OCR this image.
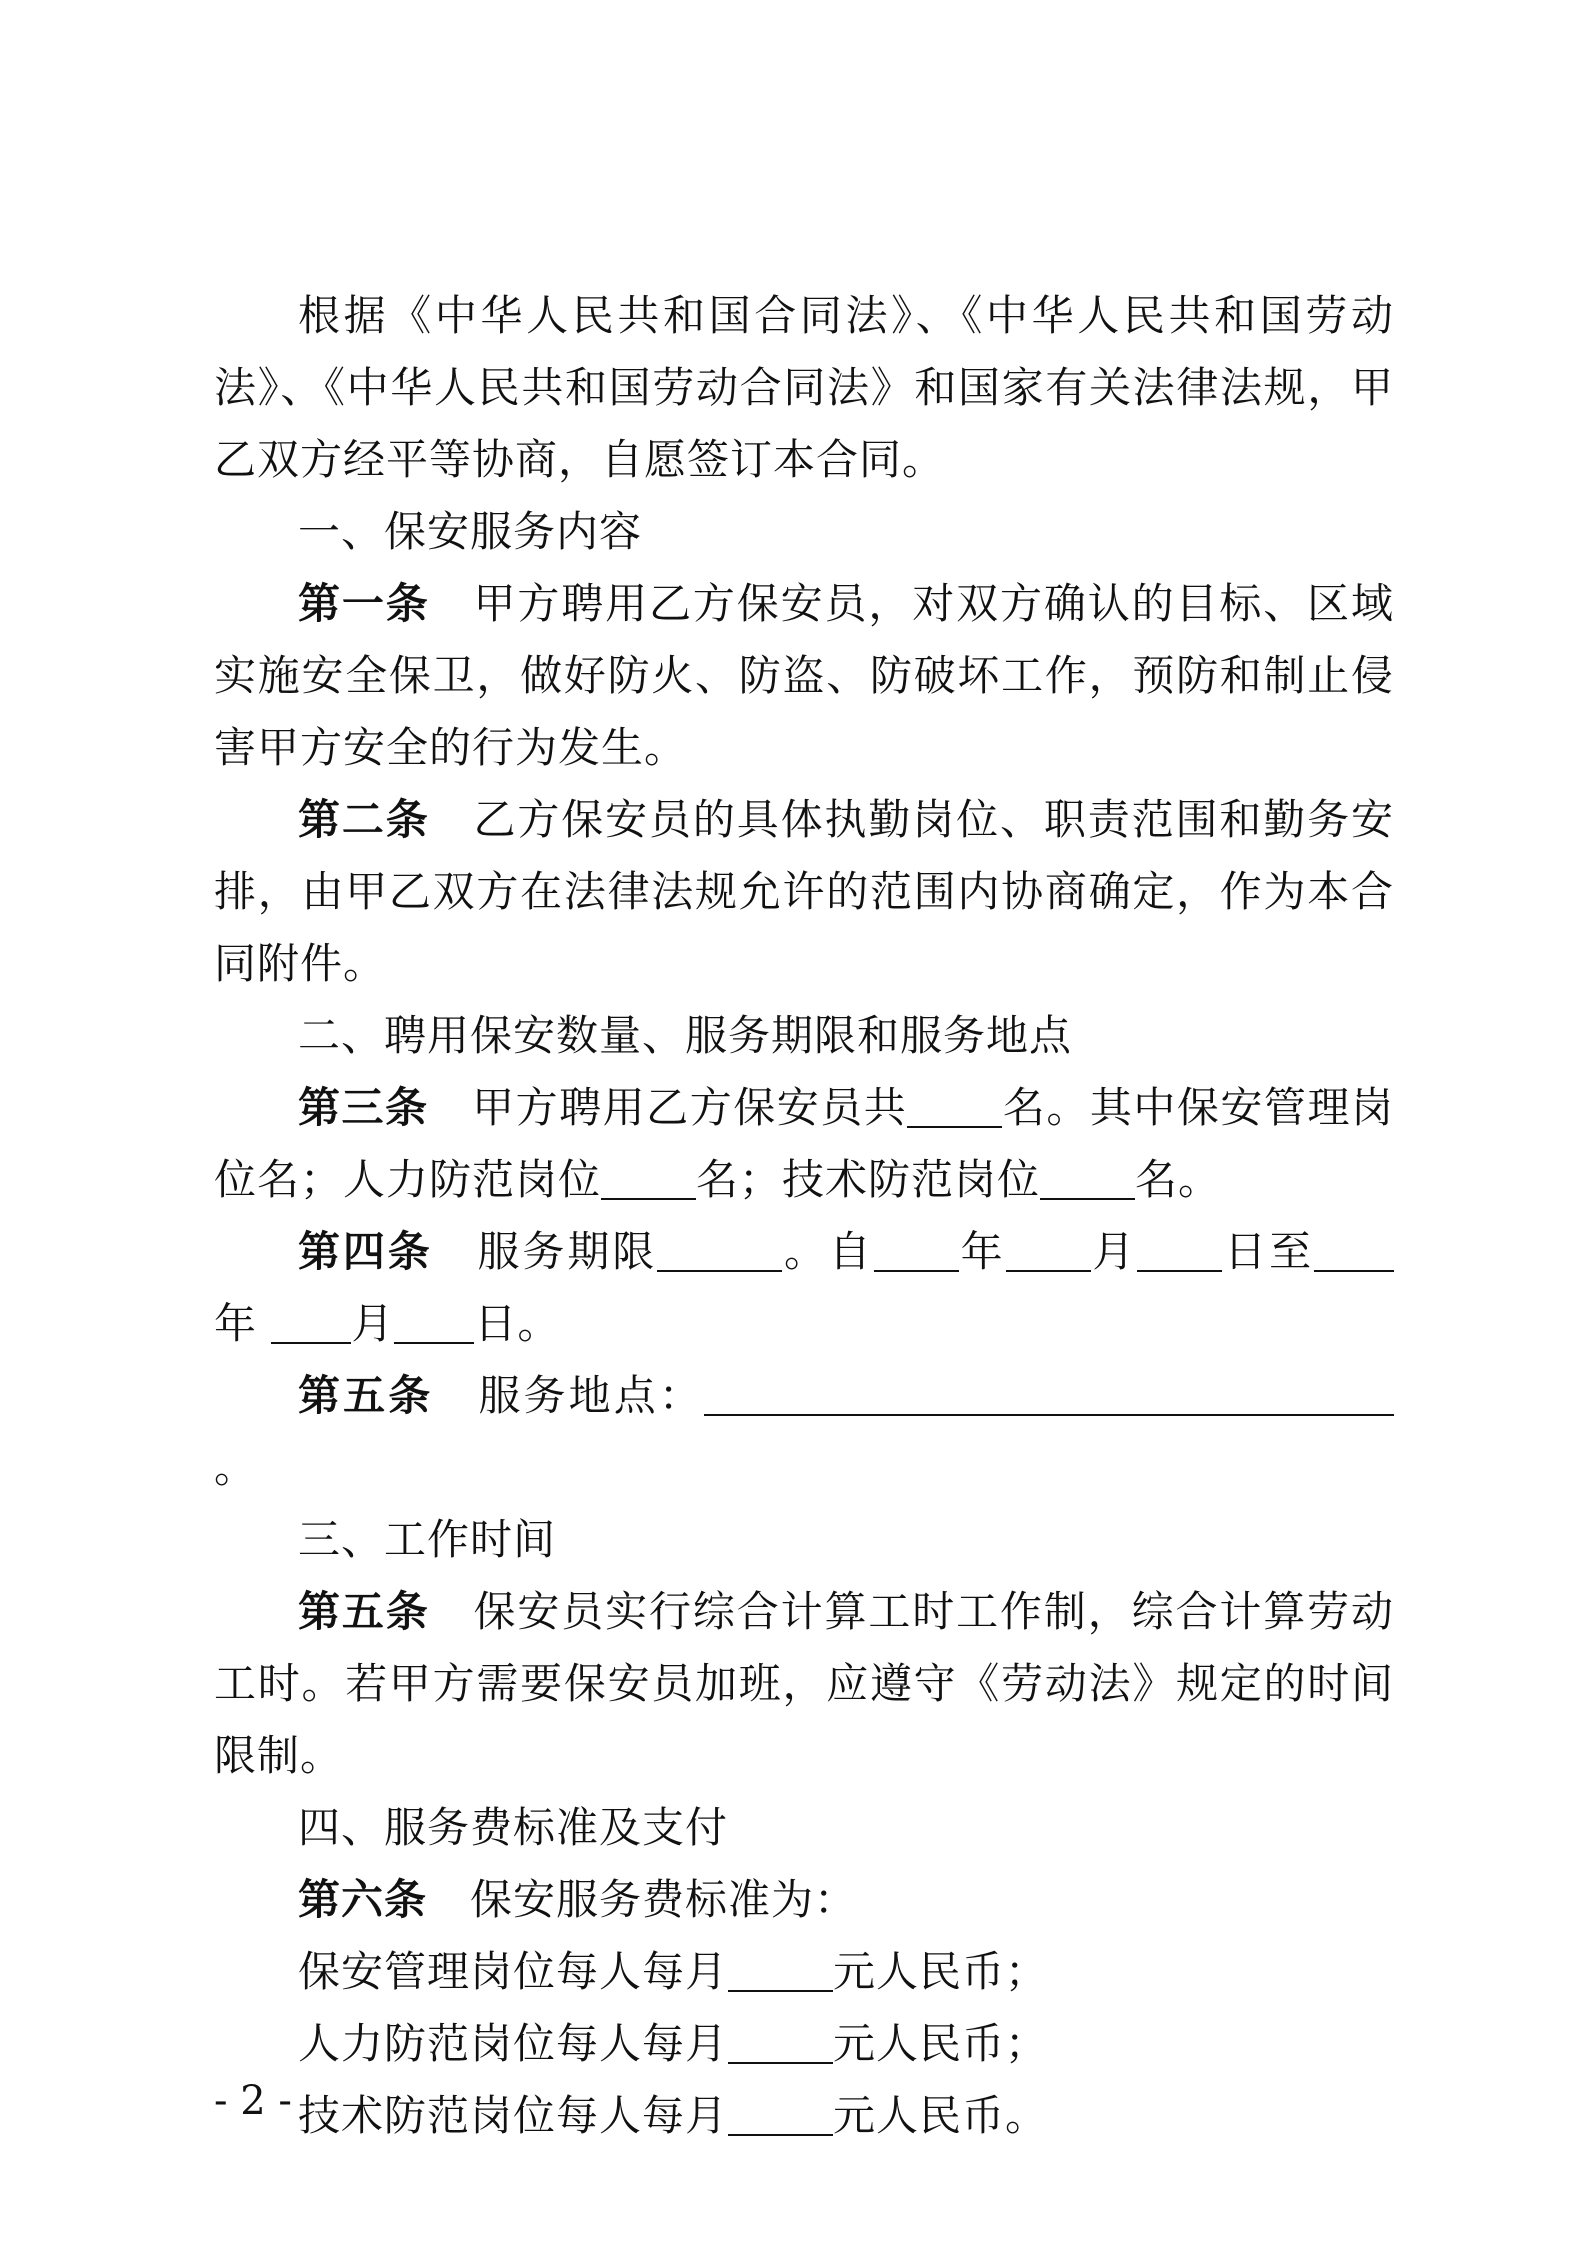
根据《中华人民共和国合同法》、《中华人民共和国劳动法》、《中华人民共和国劳动合同法》和国家有关法律法规，甲乙双方经平等协商，自愿签订本合同。

一、保安服务内容

第一条　 甲方聘用乙方保安员，对双方确认的目标、区域实施安全保卫，做好防火、防盗、防破坏工作，预防和制止侵害甲方安全的行为发生。

第二条　 乙方保安员的具体执勤岗位、职责范围和勤务安排，由甲乙双方在法律法规允许的范围内协商确定，作为本合同附件。

二、聘用保安数量、服务期限和服务地点

第三条　 甲方聘用乙方保安员共 名。其中保安管理岗位名；人力防范岗位 名；技术防范岗位 名。

第四条　 服务期限	。自 年 月 日至年 月 日。

第五条　 服务地点：。

三、工作时间

第五条　 保安员实行综合计算工时工作制，综合计算劳动工时。若甲方需要保安员加班，应遵守《劳动法》规定的时间限制。

四、服务费标准及支付

第六条　 保安服务费标准为：

保安管理岗位每人每月	元人民币；

人力防范岗位每人每月	元人民币；

技术防范岗位每人每月	元人民币。

- 2 -
